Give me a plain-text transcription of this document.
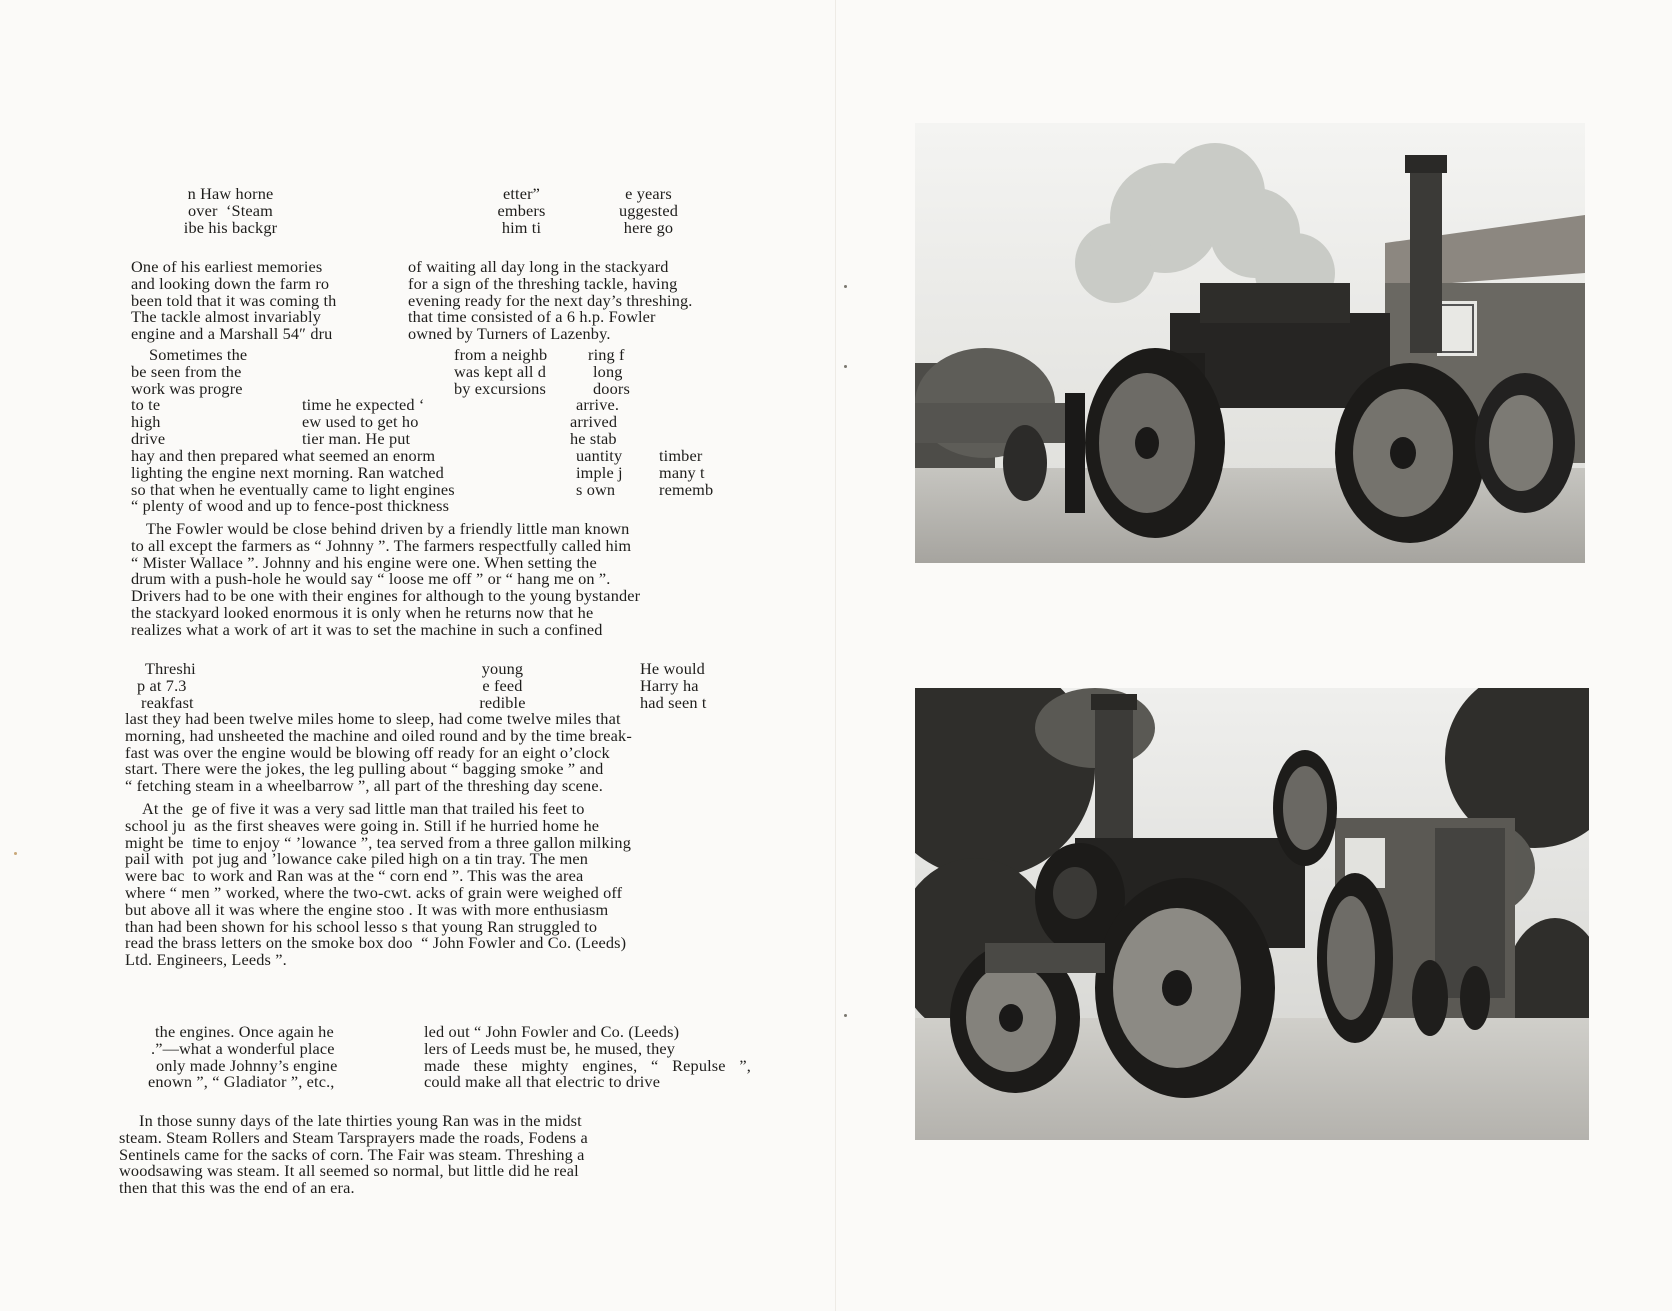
n Haw horne
over  ‘Steam
ibe his backgr
etter”
embers
him ti
e years
uggested
here go
One of his earliest memories
and looking down the farm ro
been told that it was coming th
The tackle almost invariably
engine and a Marshall 54″ dru
of waiting all day long in the stackyard
for a sign of the threshing tackle, having
evening ready for the next day’s threshing.
that time consisted of a 6 h.p. Fowler
owned by Turners of Lazenby.
Sometimes the
be seen from the
work was progre
to te
high
drive
time he expected ‘
ew used to get ho
tier man. He put
from a neighb
was kept all d
by excursions
ring f
long
doors
arrive.
arrived
he stab
hay and then prepared what seemed an enorm
lighting the engine next morning. Ran watched
so that when he eventually came to light engines
“ plenty of wood and up to fence-post thickness
uantity
imple j
s own
timber
many t
rememb
The Fowler would be close behind driven by a friendly little man known
to all except the farmers as “ Johnny ”. The farmers respectfully called him
“ Mister Wallace ”. Johnny and his engine were one. When setting the
drum with a push-hole he would say “ loose me off ” or “ hang me on ”.
Drivers had to be one with their engines for although to the young bystander
the stackyard looked enormous it is only when he returns now that he
realizes what a work of art it was to set the machine in such a confined
Threshi
p at 7.3
reakfast
young
e feed
redible
He would
Harry ha
had seen t
last they had been twelve miles home to sleep, had come twelve miles that
morning, had unsheeted the machine and oiled round and by the time break-
fast was over the engine would be blowing off ready for an eight o’clock
start. There were the jokes, the leg pulling about “ bagging smoke ” and
“ fetching steam in a wheelbarrow ”, all part of the threshing day scene.
At the  ge of five it was a very sad little man that trailed his feet to
school ju  as the first sheaves were going in. Still if he hurried home he
might be  time to enjoy “ ’lowance ”, tea served from a three gallon milking
pail with  pot jug and ’lowance cake piled high on a tin tray. The men
were bac  to work and Ran was at the “ corn end ”. This was the area
where “ men ” worked, where the two-cwt. acks of grain were weighed off
but above all it was where the engine stoo . It was with more enthusiasm
than had been shown for his school lesso s that young Ran struggled to
read the brass letters on the smoke box doo  “ John Fowler and Co. (Leeds)
Ltd. Engineers, Leeds ”.
the engines. Once again he
.”—what a wonderful place
only made Johnny’s engine
enown ”, “ Gladiator ”, etc.,
led out “ John Fowler and Co. (Leeds)
lers of Leeds must be, he mused, they
made these mighty engines, “ Repulse ”,
could make all that electric to drive
In those sunny days of the late thirties young Ran was in the midst
steam. Steam Rollers and Steam Tarsprayers made the roads, Fodens a
Sentinels came for the sacks of corn. The Fair was steam. Threshing a
woodsawing was steam. It all seemed so normal, but little did he real
then that this was the end of an era.
